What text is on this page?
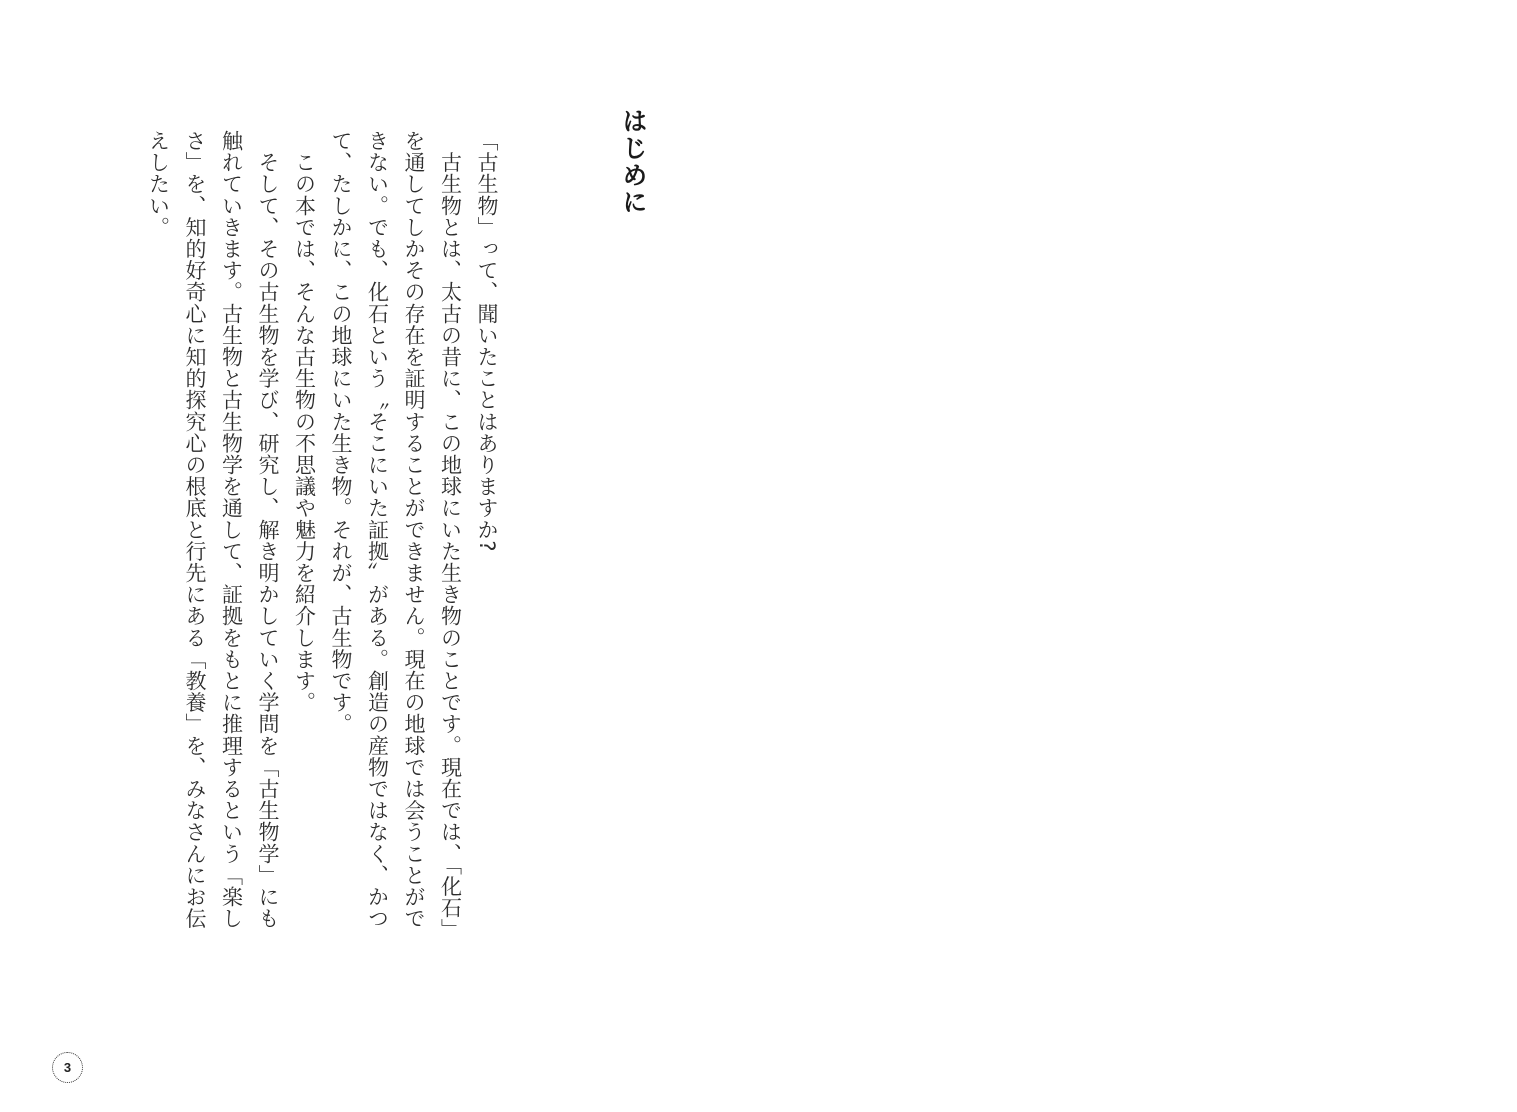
はじめに

「古生物」って、聞いたことはありますか?

　古生物とは、太古の昔に、この地球にいた生き物のことです。現在では、「化石」を通してしかその存在を証明することができません。現在の地球では会うことができない。でも、化石という〝そこにいた証拠〟がある。創造の産物ではなく、かつて、たしかに、この地球にいた生き物。それが、古生物です。

　この本では、そんな古生物の不思議や魅力を紹介します。

　そして、その古生物を学び、研究し、解き明かしていく学問を「古生物学」にも触れていきます。古生物と古生物学を通して、証拠をもとに推理するという「楽しさ」を、知的好奇心に知的探究心の根底と行先にある「教養」を、みなさんにお伝えしたい。

3
